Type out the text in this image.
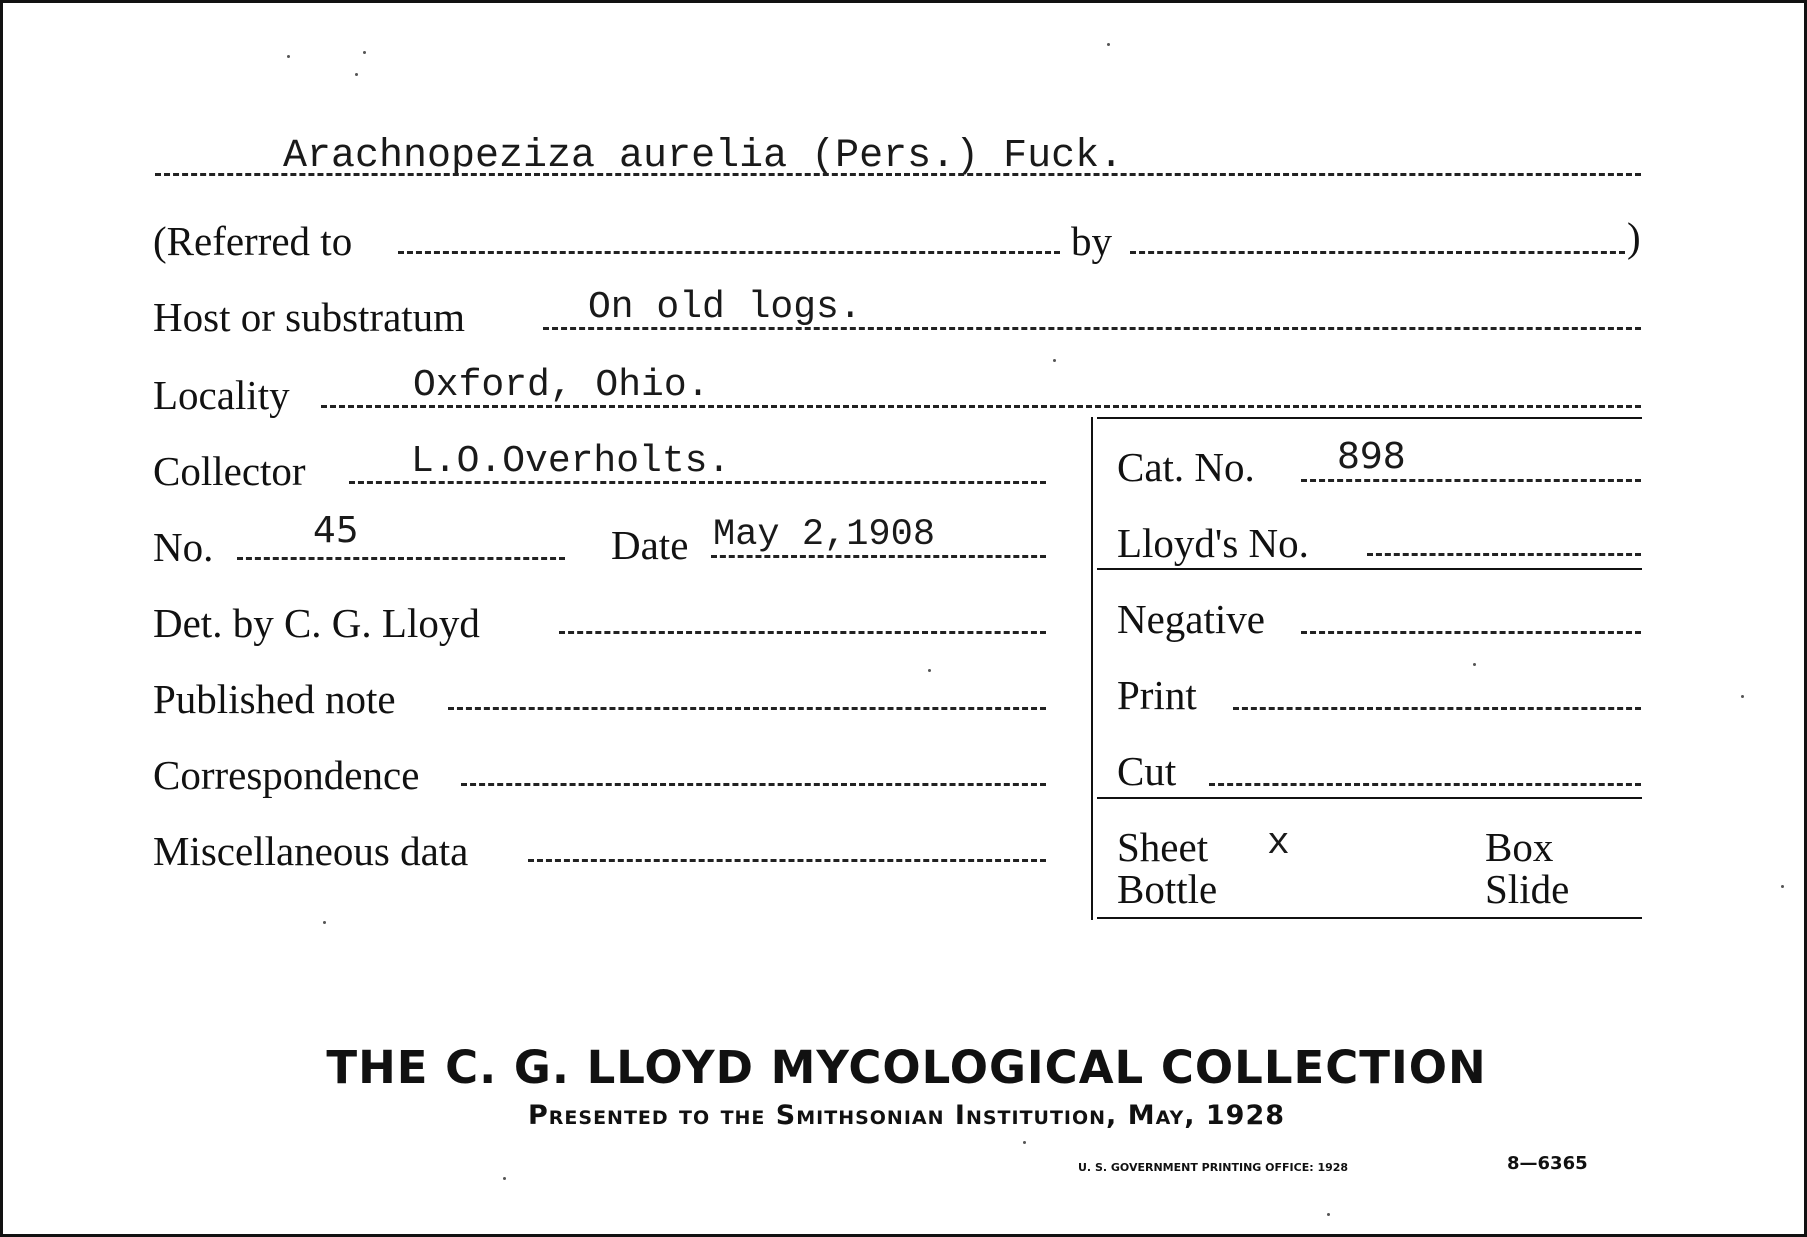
Arachnopeziza aurelia (Pers.) Fuck.
(Referred to	by	)
Host or substratum	On old logs.
Locality	Oxford, Ohio.
Collector	L.O.Overholts.	Cat. No. 898
No.	45	Date May 2,1908	Lloyd's No.
Det. by C. G. Lloyd	Negative
Published note	Print
Correspondence	Cut
Miscellaneous data	Sheet x	Box
Bottle	Slide
THE C. G. LLOYD MYCOLOGICAL COLLECTION
Presented to the Smithsonian Institution, May, 1928
U. S. GOVERNMENT PRINTING OFFICE: 1928	8—6365
